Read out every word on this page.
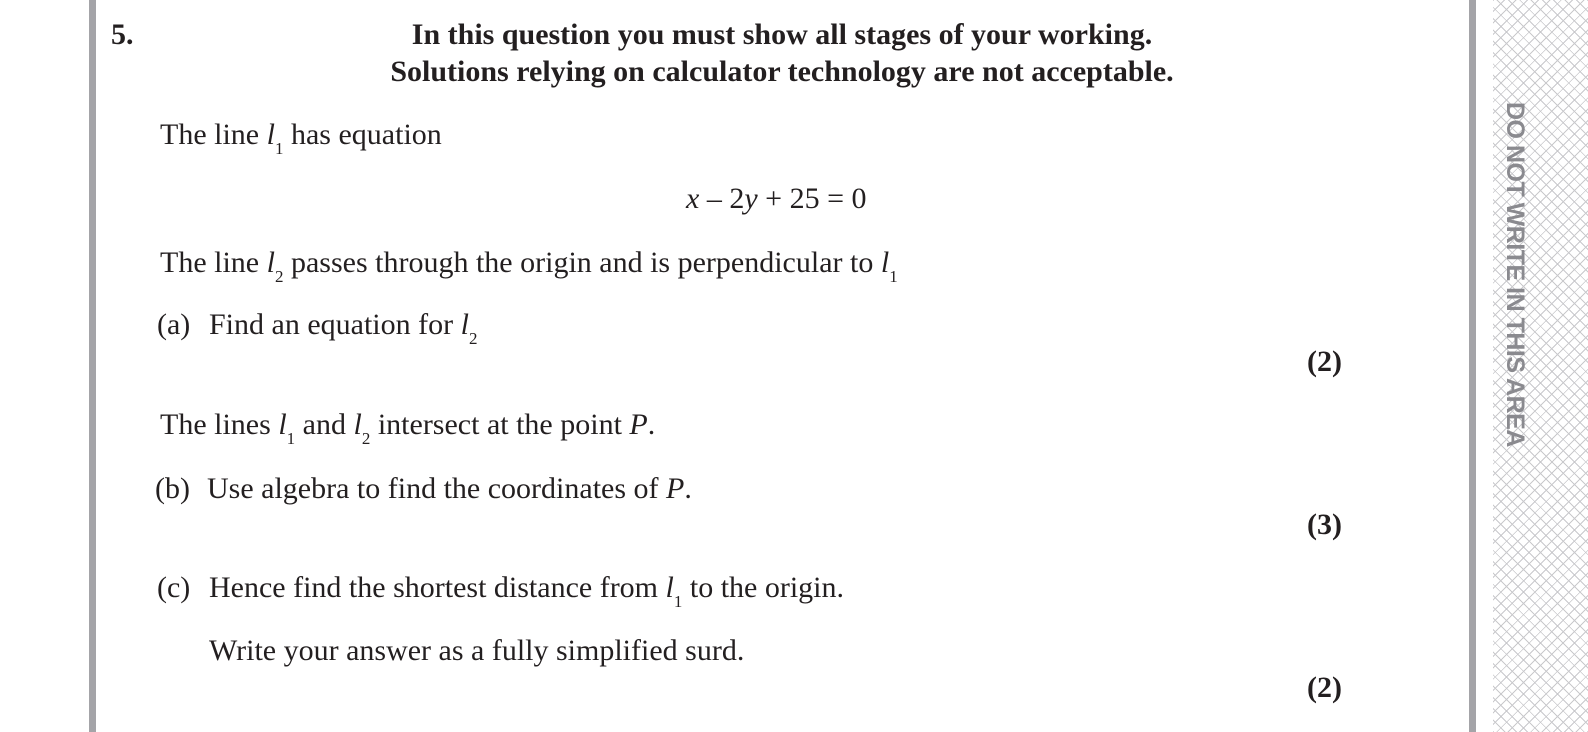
DO NOT WRITE IN THIS AREA
5.	In this question you must show all stages of your working.
Solutions relying on calculator technology are not acceptable.
The line $l_1$ has equation
x – 2y + 25 = 0
The line $l_2$ passes through the origin and is perpendicular to $l_1$
(a) Find an equation for $l_2$
(2)
The lines $l_1$ and $l_2$ intersect at the point P.
(b) Use algebra to find the coordinates of P.
(3)
(c) Hence find the shortest distance from $l_1$ to the origin.
Write your answer as a fully simplified surd.
(2)
